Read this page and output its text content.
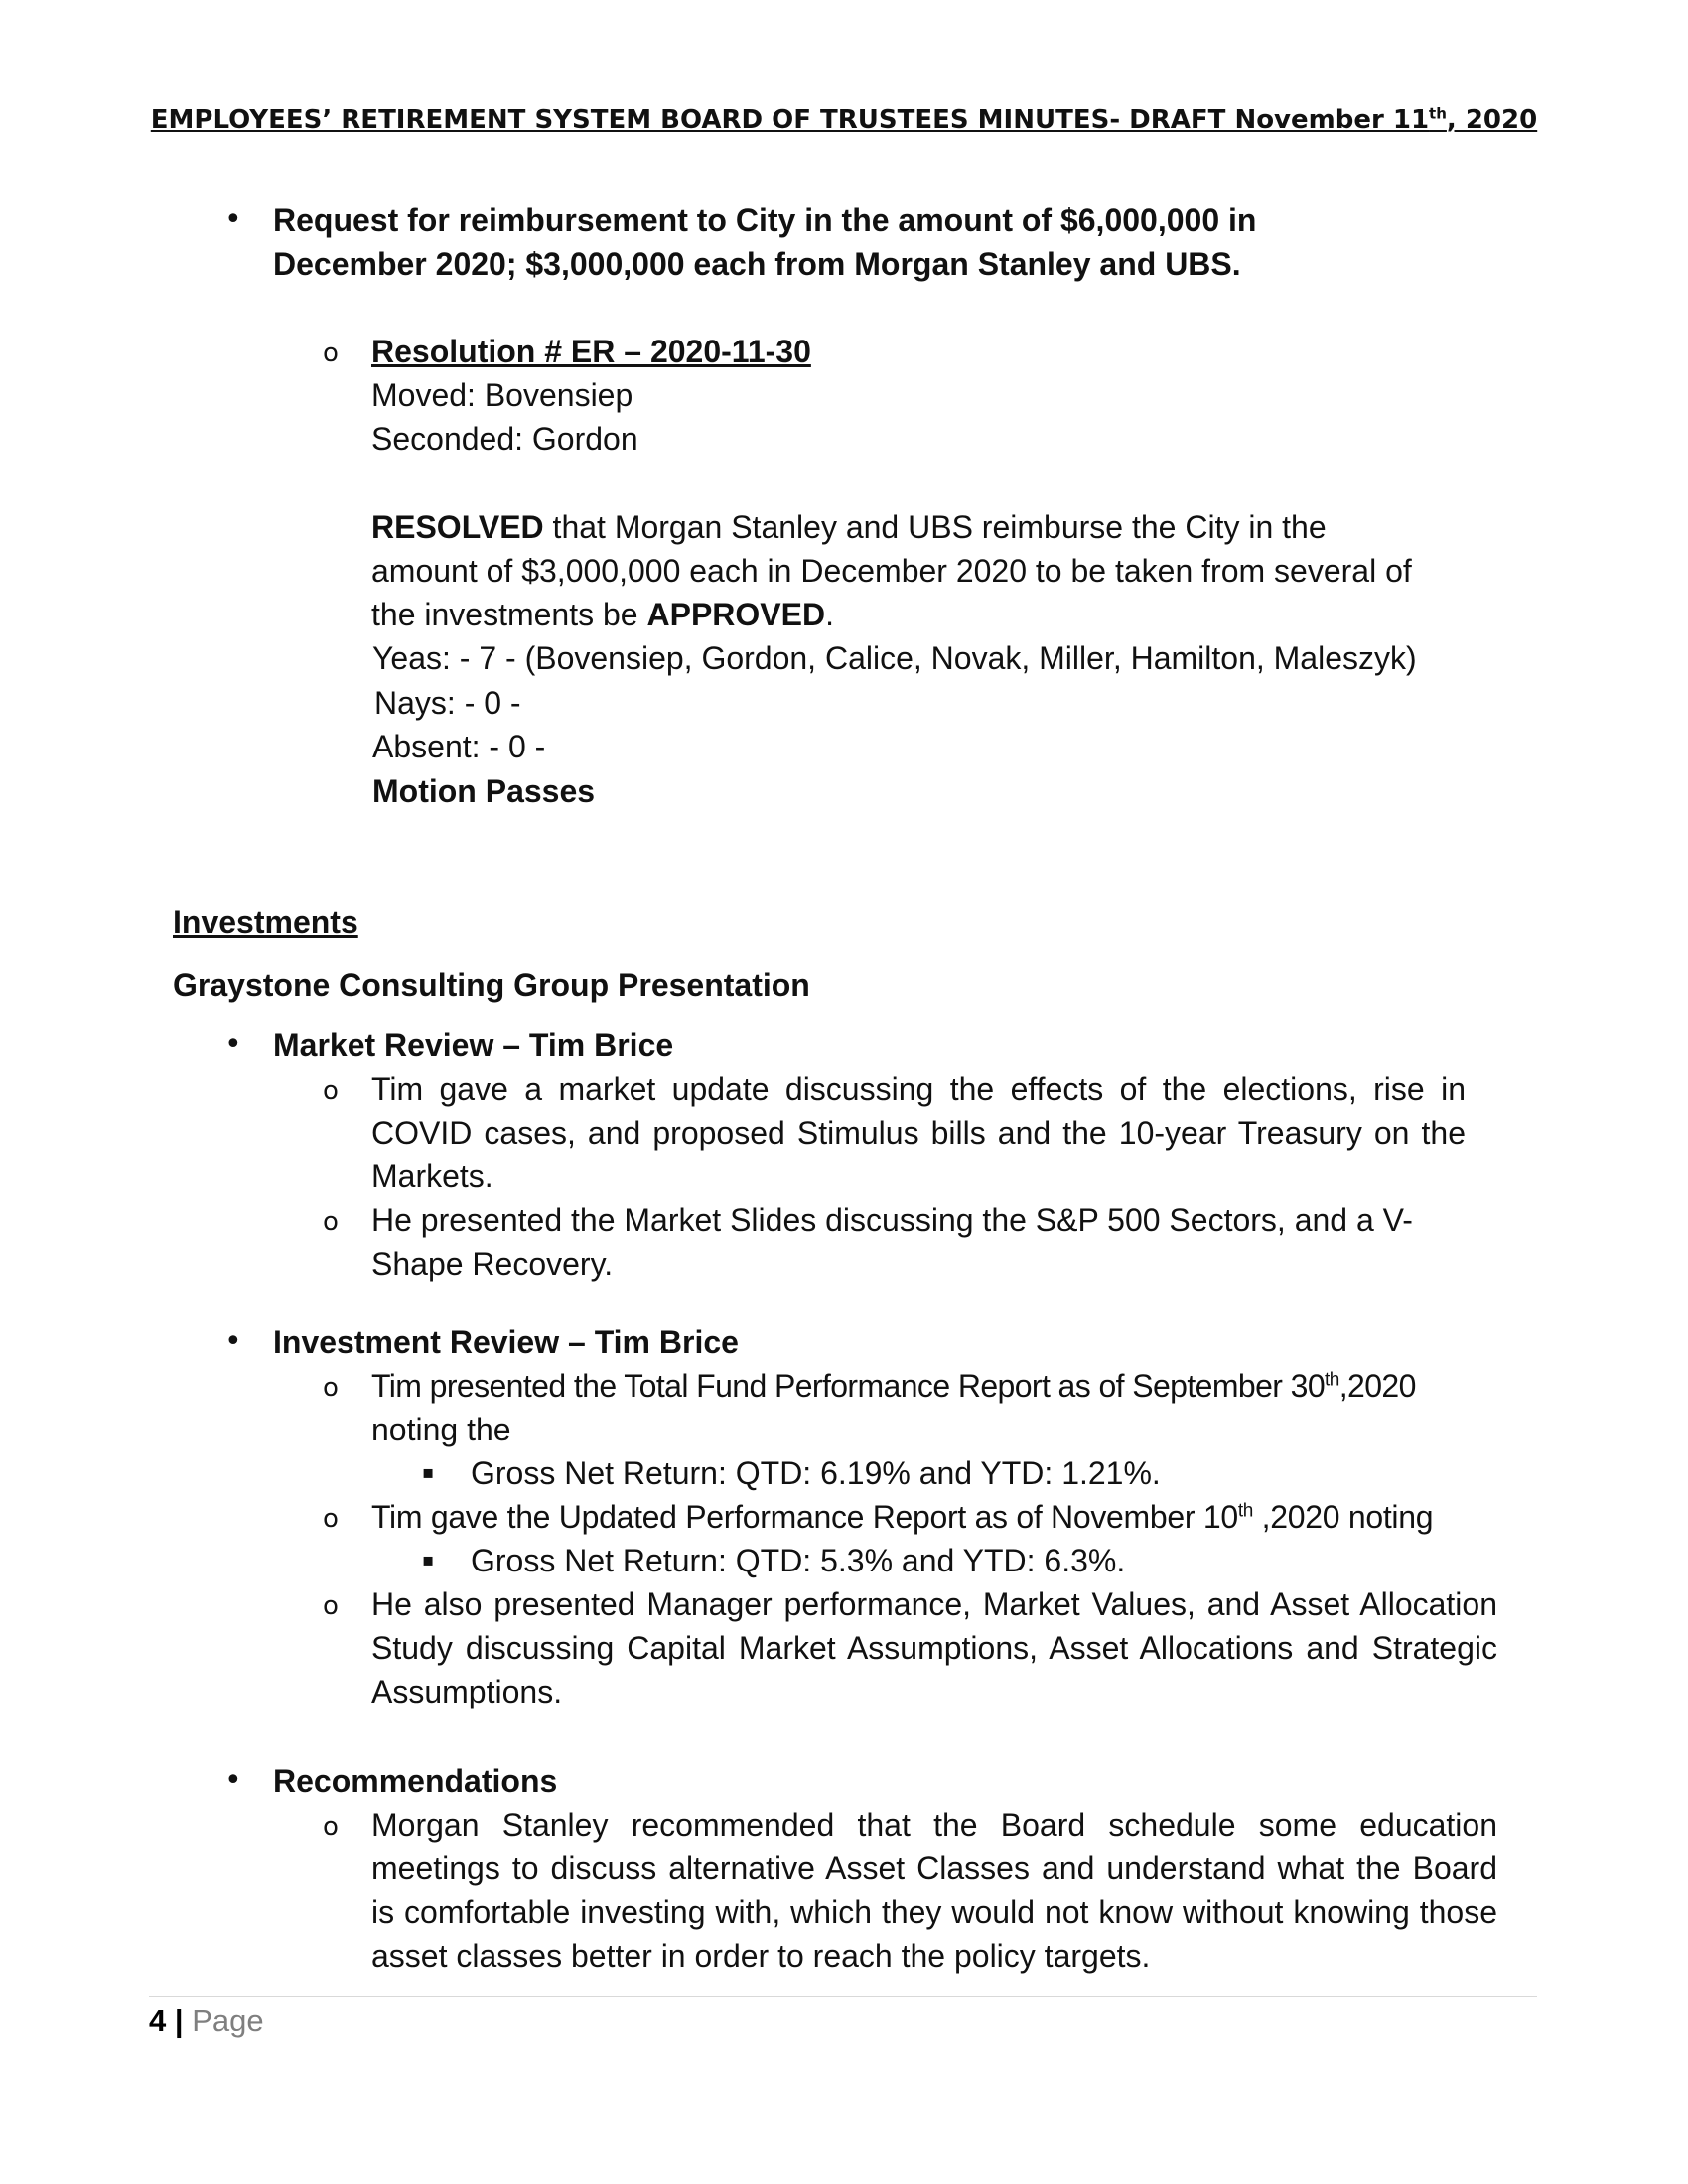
EMPLOYEES’ RETIREMENT SYSTEM BOARD OF TRUSTEES MINUTES- DRAFT November 11th, 2020
• Request for reimbursement to City in the amount of $6,000,000 in
December 2020; $3,000,000 each from Morgan Stanley and UBS.
o Resolution # ER – 2020-11-30
Moved: Bovensiep
Seconded: Gordon
RESOLVED that Morgan Stanley and UBS reimburse the City in the
amount of $3,000,000 each in December 2020 to be taken from several of
the investments be APPROVED.
Yeas: - 7 - (Bovensiep, Gordon, Calice, Novak, Miller, Hamilton, Maleszyk)
Nays: - 0 -
Absent: - 0 -
Motion Passes
Investments
Graystone Consulting Group Presentation
• Market Review – Tim Brice
o Tim gave a market update discussing the effects of the elections, rise in COVID cases, and proposed Stimulus bills and the 10-year Treasury on the Markets.
o He presented the Market Slides discussing the S&P 500 Sectors, and a V-Shape Recovery.
• Investment Review – Tim Brice
o Tim presented the Total Fund Performance Report as of September 30th,2020
noting the
▪ Gross Net Return: QTD: 6.19% and YTD: 1.21%.
o Tim gave the Updated Performance Report as of November 10th ,2020 noting
▪ Gross Net Return: QTD: 5.3% and YTD: 6.3%.
o He also presented Manager performance, Market Values, and Asset Allocation Study discussing Capital Market Assumptions, Asset Allocations and Strategic Assumptions.
• Recommendations
o Morgan Stanley recommended that the Board schedule some education meetings to discuss alternative Asset Classes and understand what the Board is comfortable investing with, which they would not know without knowing those asset classes better in order to reach the policy targets.
4 | Page
